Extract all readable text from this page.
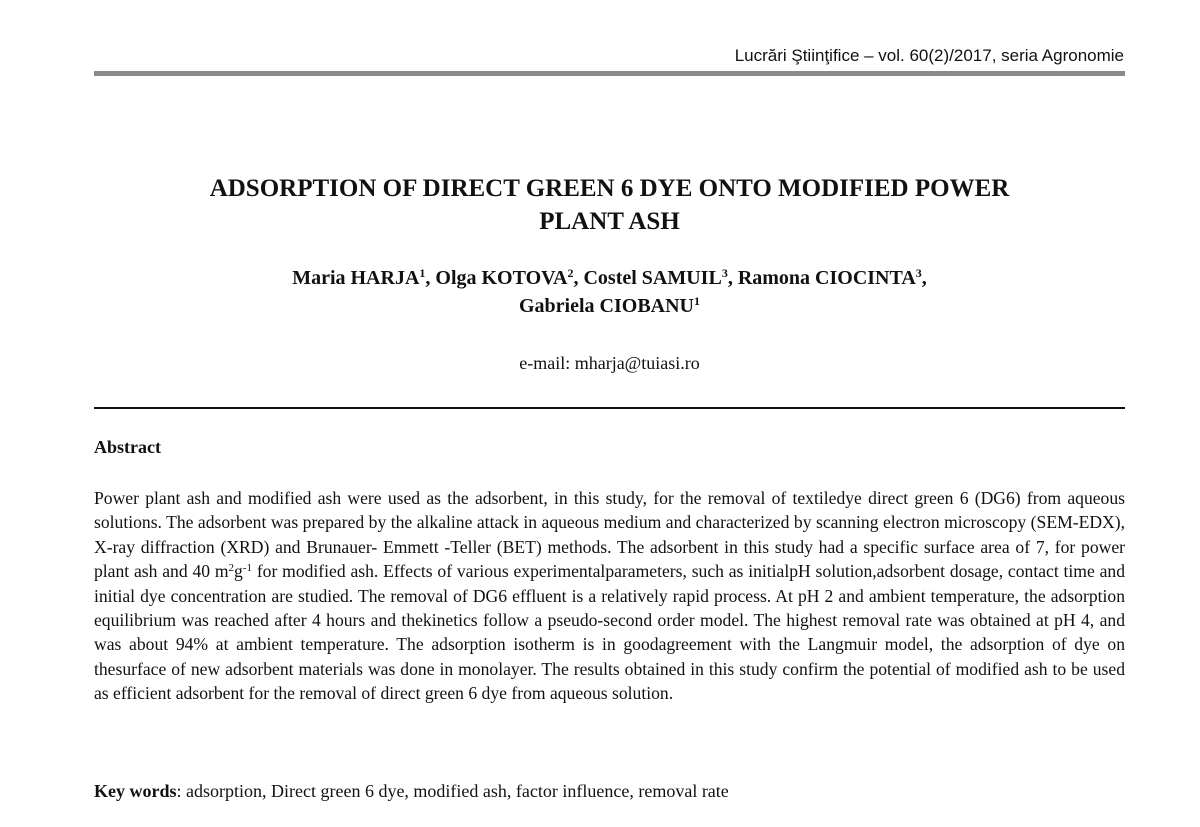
Lucrări Ştiinţifice – vol. 60(2)/2017, seria Agronomie
ADSORPTION OF DIRECT GREEN 6 DYE ONTO MODIFIED POWER
PLANT ASH
Maria HARJA$^1$, Olga KOTOVA$^2$, Costel SAMUIL$^3$, Ramona CIOCINTA$^3$,
Gabriela CIOBANU$^1$
e-mail: mharja@tuiasi.ro
Abstract
Power plant ash and modified ash were used as the adsorbent, in this study, for the removal of textiledye direct green 6 (DG6) from aqueous solutions. The adsorbent was prepared by the alkaline attack in aqueous medium and characterized by scanning electron microscopy (SEM-EDX), X-ray diffraction (XRD) and Brunauer- Emmett -Teller (BET) methods. The adsorbent in this study had a specific surface area of 7, for power plant ash and 40 $m^2g^{-1}$ for modified ash. Effects of various experimentalparameters, such as initialpH solution,adsorbent dosage, contact time and initial dye concentration are studied. The removal of DG6 effluent is a relatively rapid process. At pH 2 and ambient temperature, the adsorption equilibrium was reached after 4 hours and thekinetics follow a pseudo-second order model. The highest removal rate was obtained at pH 4, and was about 94% at ambient temperature. The adsorption isotherm is in goodagreement with the Langmuir model, the adsorption of dye on thesurface of new adsorbent materials was done in monolayer. The results obtained in this study confirm the potential of modified ash to be used as efficient adsorbent for the removal of direct green 6 dye from aqueous solution.
Key words: adsorption, Direct green 6 dye, modified ash, factor influence, removal rate
